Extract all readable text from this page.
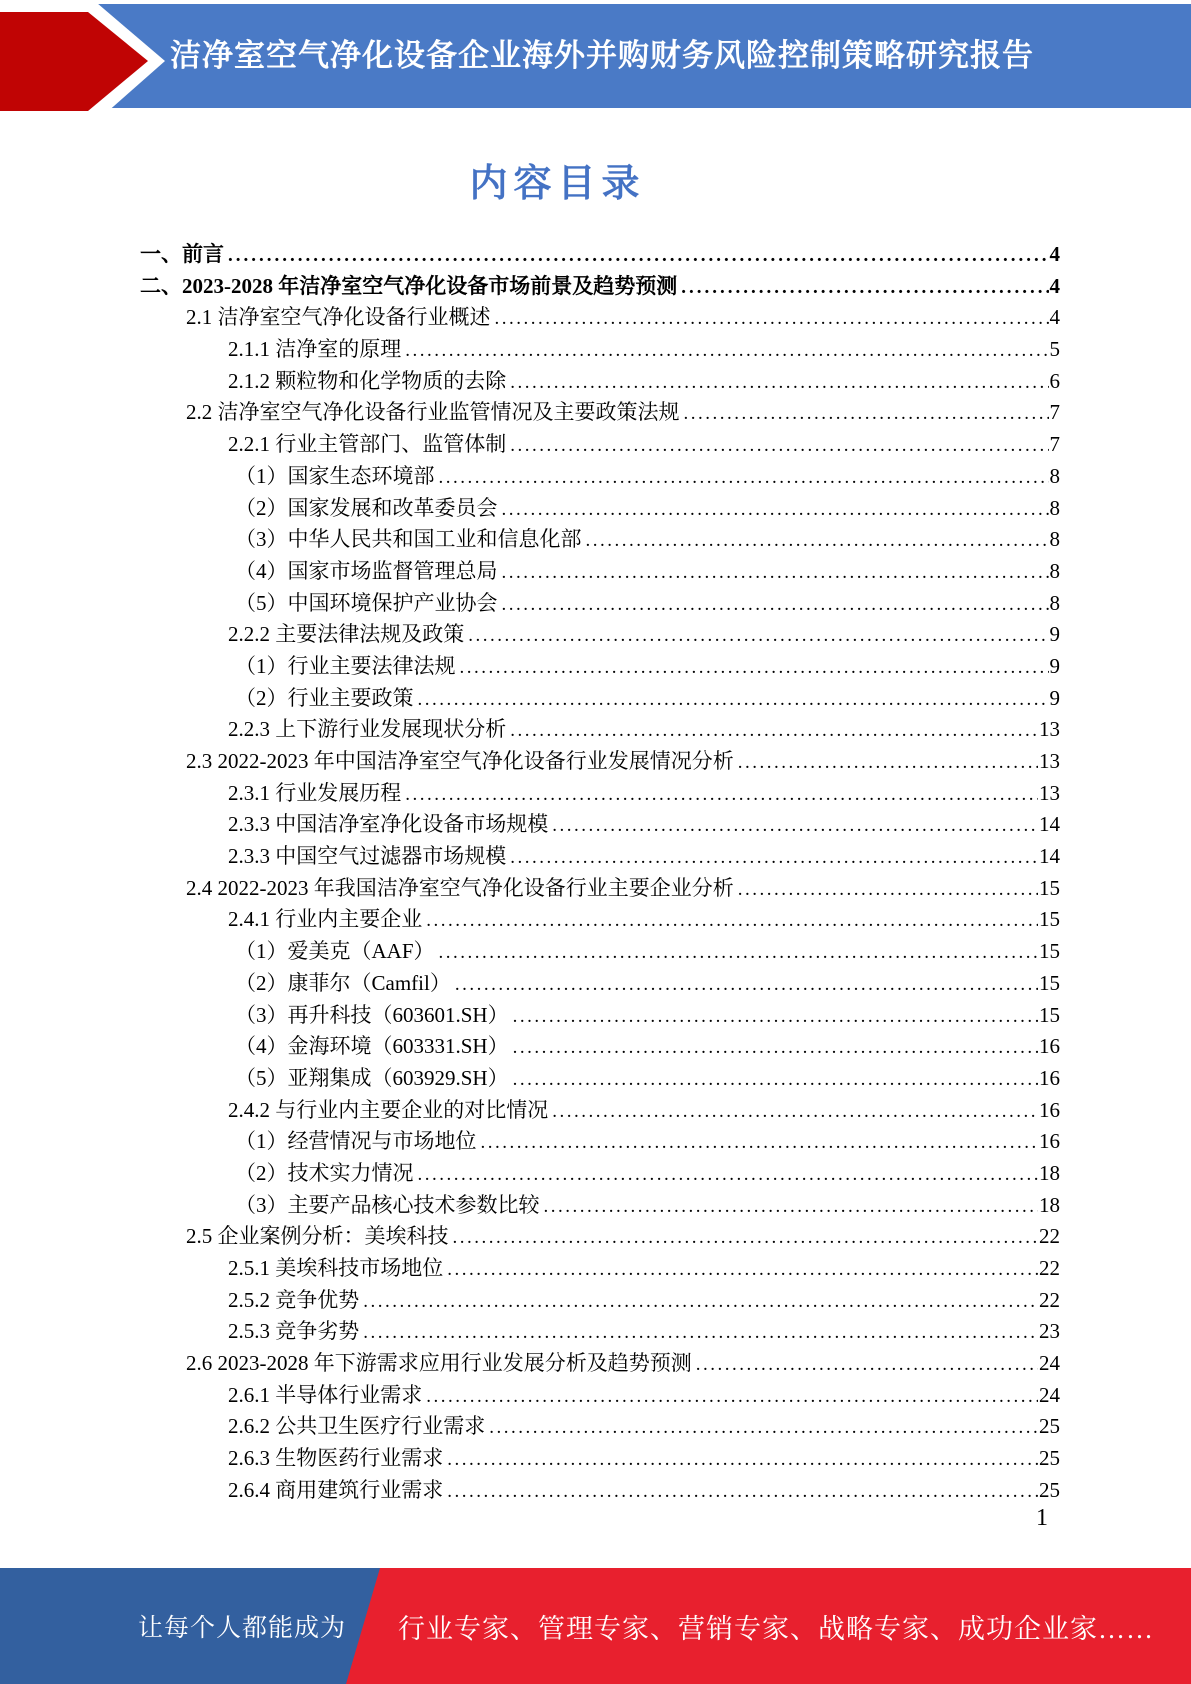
洁净室空气净化设备企业海外并购财务风险控制策略研究报告
内容目录
一、前言 .....	4
二、2023-2028 年洁净室空气净化设备市场前景及趋势预测 .....	4
2.1 洁净室空气净化设备行业概述 .....	4
2.1.1 洁净室的原理 .....	5
2.1.2 颗粒物和化学物质的去除 .....	6
2.2 洁净室空气净化设备行业监管情况及主要政策法规 .....	7
2.2.1 行业主管部门、监管体制 .....	7
（1）国家生态环境部 .....	8
（2）国家发展和改革委员会 .....	8
（3）中华人民共和国工业和信息化部 .....	8
（4）国家市场监督管理总局 .....	8
（5）中国环境保护产业协会 .....	8
2.2.2 主要法律法规及政策 .....	9
（1）行业主要法律法规 .....	9
（2）行业主要政策 .....	9
2.2.3 上下游行业发展现状分析 .....	13
2.3 2022-2023 年中国洁净室空气净化设备行业发展情况分析 .....	13
2.3.1 行业发展历程 .....	13
2.3.3 中国洁净室净化设备市场规模 .....	14
2.3.3 中国空气过滤器市场规模 .....	14
2.4 2022-2023 年我国洁净室空气净化设备行业主要企业分析 .....	15
2.4.1 行业内主要企业 .....	15
（1）爱美克（AAF） .....	15
（2）康菲尔（Camfil） .....	15
（3）再升科技（603601.SH） .....	15
（4）金海环境（603331.SH） .....	16
（5）亚翔集成（603929.SH） .....	16
2.4.2 与行业内主要企业的对比情况 .....	16
（1）经营情况与市场地位 .....	16
（2）技术实力情况 .....	18
（3）主要产品核心技术参数比较 .....	18
2.5 企业案例分析：美埃科技 .....	22
2.5.1 美埃科技市场地位 .....	22
2.5.2 竞争优势 .....	22
2.5.3 竞争劣势 .....	23
2.6 2023-2028 年下游需求应用行业发展分析及趋势预测 .....	24
2.6.1 半导体行业需求 .....	24
2.6.2 公共卫生医疗行业需求 .....	25
2.6.3 生物医药行业需求 .....	25
2.6.4 商用建筑行业需求 .....	25
1
让每个人都能成为 行业专家、管理专家、营销专家、战略专家、成功企业家……
